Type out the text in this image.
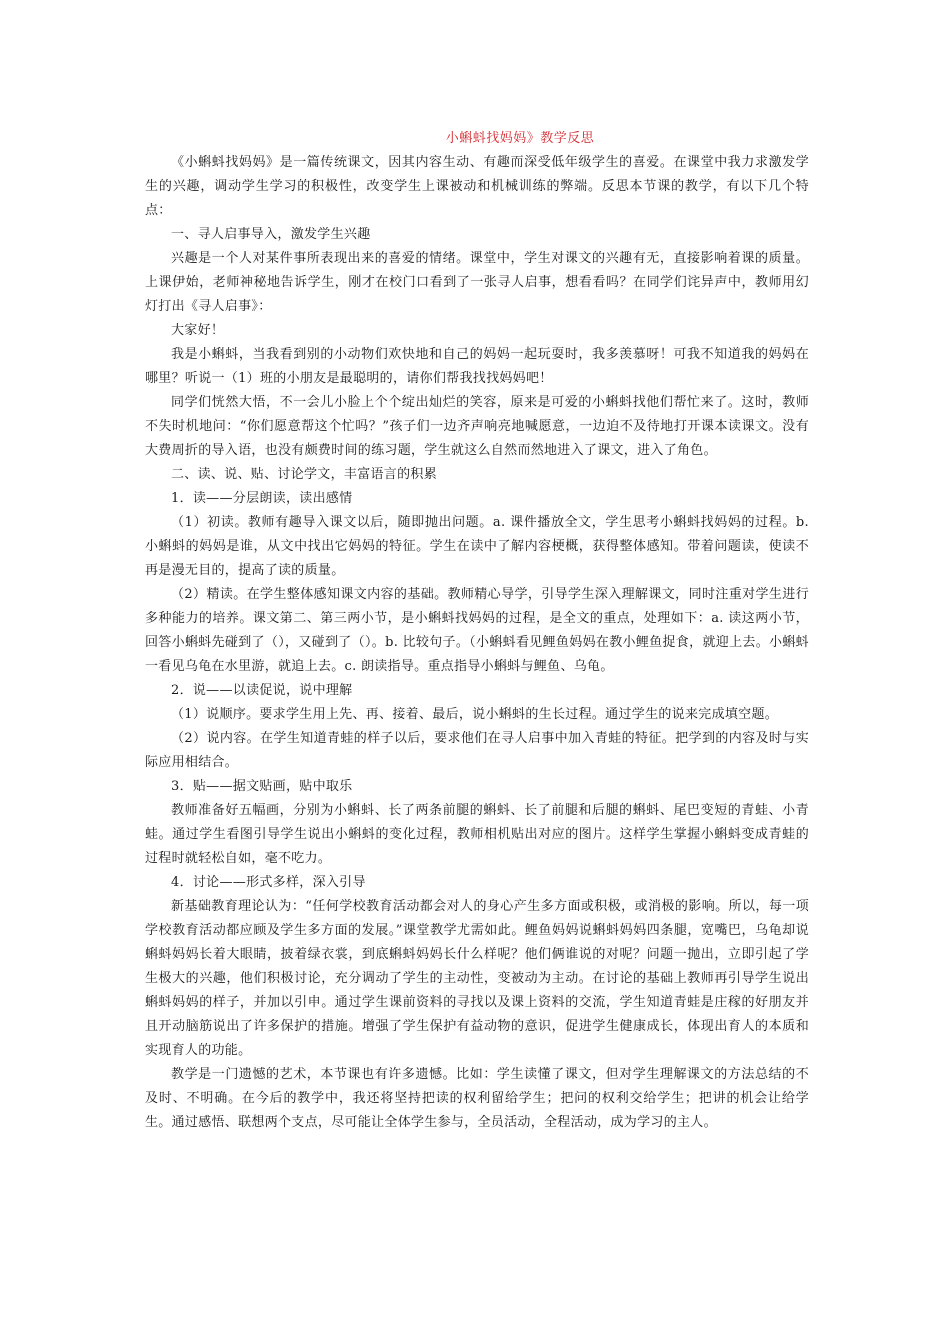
小蝌蚪找妈妈》教学反思

《小蝌蚪找妈妈》是一篇传统课文，因其内容生动、有趣而深受低年级学生的喜爱。在课堂中我力求激发学生的兴趣，调动学生学习的积极性，改变学生上课被动和机械训练的弊端。反思本节课的教学，有以下几个特点：

一、寻人启事导入，激发学生兴趣

兴趣是一个人对某件事所表现出来的喜爱的情绪。课堂中，学生对课文的兴趣有无，直接影响着课的质量。上课伊始，老师神秘地告诉学生，刚才在校门口看到了一张寻人启事，想看看吗？在同学们诧异声中，教师用幻灯打出《寻人启事》：

大家好！

我是小蝌蚪，当我看到别的小动物们欢快地和自己的妈妈一起玩耍时，我多羡慕呀！可我不知道我的妈妈在哪里？听说一（1）班的小朋友是最聪明的，请你们帮我找找妈妈吧！

同学们恍然大悟，不一会儿小脸上个个绽出灿烂的笑容，原来是可爱的小蝌蚪找他们帮忙来了。这时，教师不失时机地问：“你们愿意帮这个忙吗？”孩子们一边齐声响亮地喊愿意，一边迫不及待地打开课本读课文。没有大费周折的导入语，也没有颇费时间的练习题，学生就这么自然而然地进入了课文，进入了角色。

二、读、说、贴、讨论学文，丰富语言的积累

1．读——分层朗读，读出感情

（1）初读。教师有趣导入课文以后，随即抛出问题。a. 课件播放全文，学生思考小蝌蚪找妈妈的过程。b. 小蝌蚪的妈妈是谁，从文中找出它妈妈的特征。学生在读中了解内容梗概，获得整体感知。带着问题读，使读不再是漫无目的，提高了读的质量。

（2）精读。在学生整体感知课文内容的基础。教师精心导学，引导学生深入理解课文，同时注重对学生进行多种能力的培养。课文第二、第三两小节，是小蝌蚪找妈妈的过程，是全文的重点，处理如下：a. 读这两小节，回答小蝌蚪先碰到了（），又碰到了（）。b. 比较句子。（小蝌蚪看见鲤鱼妈妈在教小鲤鱼捉食，就迎上去。小蝌蚪一看见乌龟在水里游，就追上去。c. 朗读指导。重点指导小蝌蚪与鲤鱼、乌龟。

2．说——以读促说，说中理解

（1）说顺序。要求学生用上先、再、接着、最后，说小蝌蚪的生长过程。通过学生的说来完成填空题。

（2）说内容。在学生知道青蛙的样子以后，要求他们在寻人启事中加入青蛙的特征。把学到的内容及时与实际应用相结合。

3．贴——据文贴画，贴中取乐

教师准备好五幅画，分别为小蝌蚪、长了两条前腿的蝌蚪、长了前腿和后腿的蝌蚪、尾巴变短的青蛙、小青蛙。通过学生看图引导学生说出小蝌蚪的变化过程，教师相机贴出对应的图片。这样学生掌握小蝌蚪变成青蛙的过程时就轻松自如，毫不吃力。

4．讨论——形式多样，深入引导

新基础教育理论认为：“任何学校教育活动都会对人的身心产生多方面或积极，或消极的影响。所以，每一项学校教育活动都应顾及学生多方面的发展。”课堂教学尤需如此。鲤鱼妈妈说蝌蚪妈妈四条腿，宽嘴巴，乌龟却说蝌蚪妈妈长着大眼睛，披着绿衣裳，到底蝌蚪妈妈长什么样呢？他们俩谁说的对呢？问题一抛出，立即引起了学生极大的兴趣，他们积极讨论，充分调动了学生的主动性，变被动为主动。在讨论的基础上教师再引导学生说出蝌蚪妈妈的样子，并加以引申。通过学生课前资料的寻找以及课上资料的交流，学生知道青蛙是庄稼的好朋友并且开动脑筋说出了许多保护的措施。增强了学生保护有益动物的意识，促进学生健康成长，体现出育人的本质和实现育人的功能。

教学是一门遗憾的艺术，本节课也有许多遗憾。比如：学生读懂了课文，但对学生理解课文的方法总结的不及时、不明确。在今后的教学中，我还将坚持把读的权利留给学生；把问的权利交给学生；把讲的机会让给学生。通过感悟、联想两个支点，尽可能让全体学生参与，全员活动，全程活动，成为学习的主人。
